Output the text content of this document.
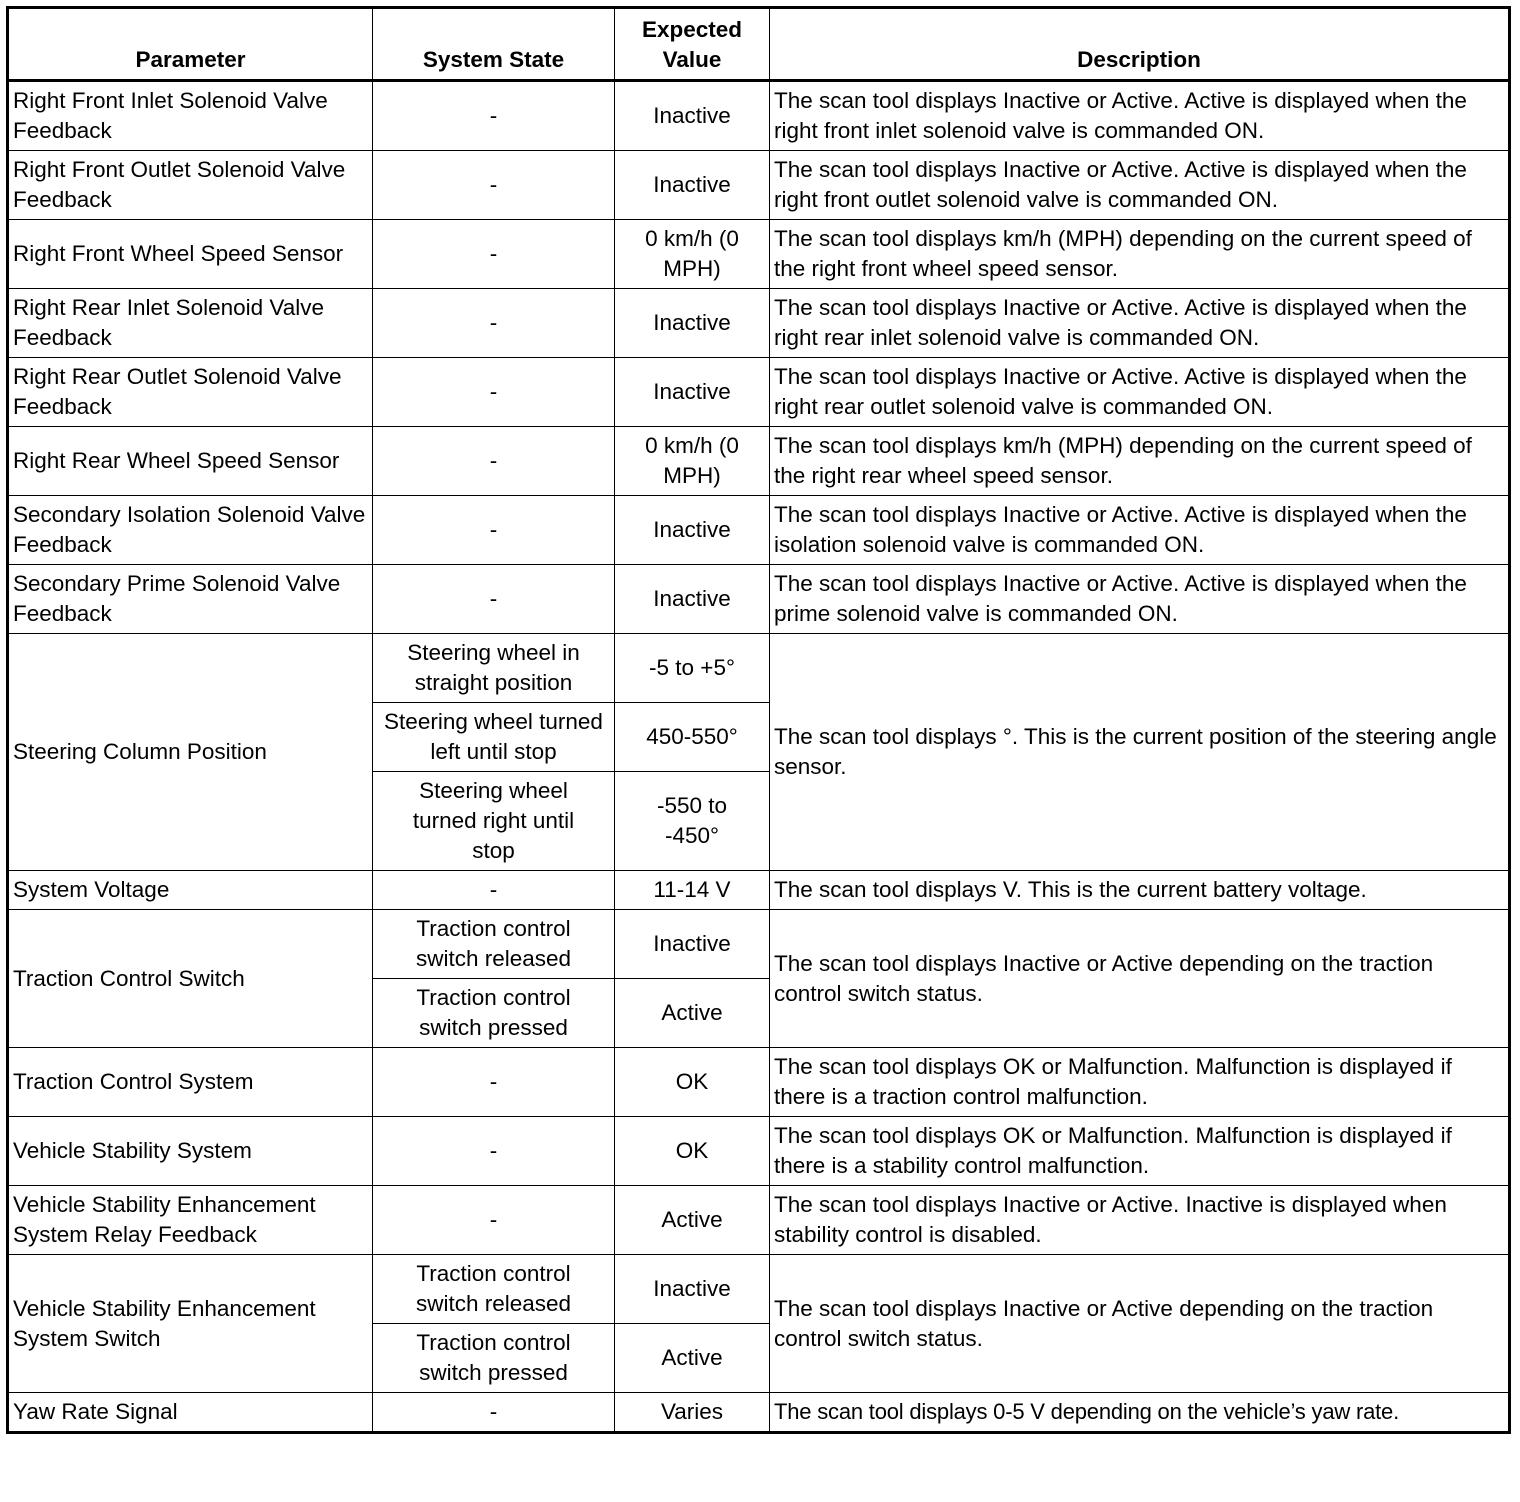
Parameter	System State	Expected Value	Description
Right Front Inlet Solenoid Valve Feedback	-	Inactive	The scan tool displays Inactive or Active. Active is displayed when the right front inlet solenoid valve is commanded ON.
Right Front Outlet Solenoid Valve Feedback	-	Inactive	The scan tool displays Inactive or Active. Active is displayed when the right front outlet solenoid valve is commanded ON.
Right Front Wheel Speed Sensor	-	0 km/h (0 MPH)	The scan tool displays km/h (MPH) depending on the current speed of the right front wheel speed sensor.
Right Rear Inlet Solenoid Valve Feedback	-	Inactive	The scan tool displays Inactive or Active. Active is displayed when the right rear inlet solenoid valve is commanded ON.
Right Rear Outlet Solenoid Valve Feedback	-	Inactive	The scan tool displays Inactive or Active. Active is displayed when the right rear outlet solenoid valve is commanded ON.
Right Rear Wheel Speed Sensor	-	0 km/h (0 MPH)	The scan tool displays km/h (MPH) depending on the current speed of the right rear wheel speed sensor.
Secondary Isolation Solenoid Valve Feedback	-	Inactive	The scan tool displays Inactive or Active. Active is displayed when the isolation solenoid valve is commanded ON.
Secondary Prime Solenoid Valve Feedback	-	Inactive	The scan tool displays Inactive or Active. Active is displayed when the prime solenoid valve is commanded ON.
Steering Column Position	Steering wheel in straight position	-5 to +5°	The scan tool displays °. This is the current position of the steering angle sensor.
	Steering wheel turned left until stop	450-550°	
	Steering wheel turned right until stop	-550 to -450°	
System Voltage	-	11-14 V	The scan tool displays V. This is the current battery voltage.
Traction Control Switch	Traction control switch released	Inactive	The scan tool displays Inactive or Active depending on the traction control switch status.
	Traction control switch pressed	Active	
Traction Control System	-	OK	The scan tool displays OK or Malfunction. Malfunction is displayed if there is a traction control malfunction.
Vehicle Stability System	-	OK	The scan tool displays OK or Malfunction. Malfunction is displayed if there is a stability control malfunction.
Vehicle Stability Enhancement System Relay Feedback	-	Active	The scan tool displays Inactive or Active. Inactive is displayed when stability control is disabled.
Vehicle Stability Enhancement System Switch	Traction control switch released	Inactive	The scan tool displays Inactive or Active depending on the traction control switch status.
	Traction control switch pressed	Active	
Yaw Rate Signal	-	Varies	The scan tool displays 0-5 V depending on the vehicle’s yaw rate.
